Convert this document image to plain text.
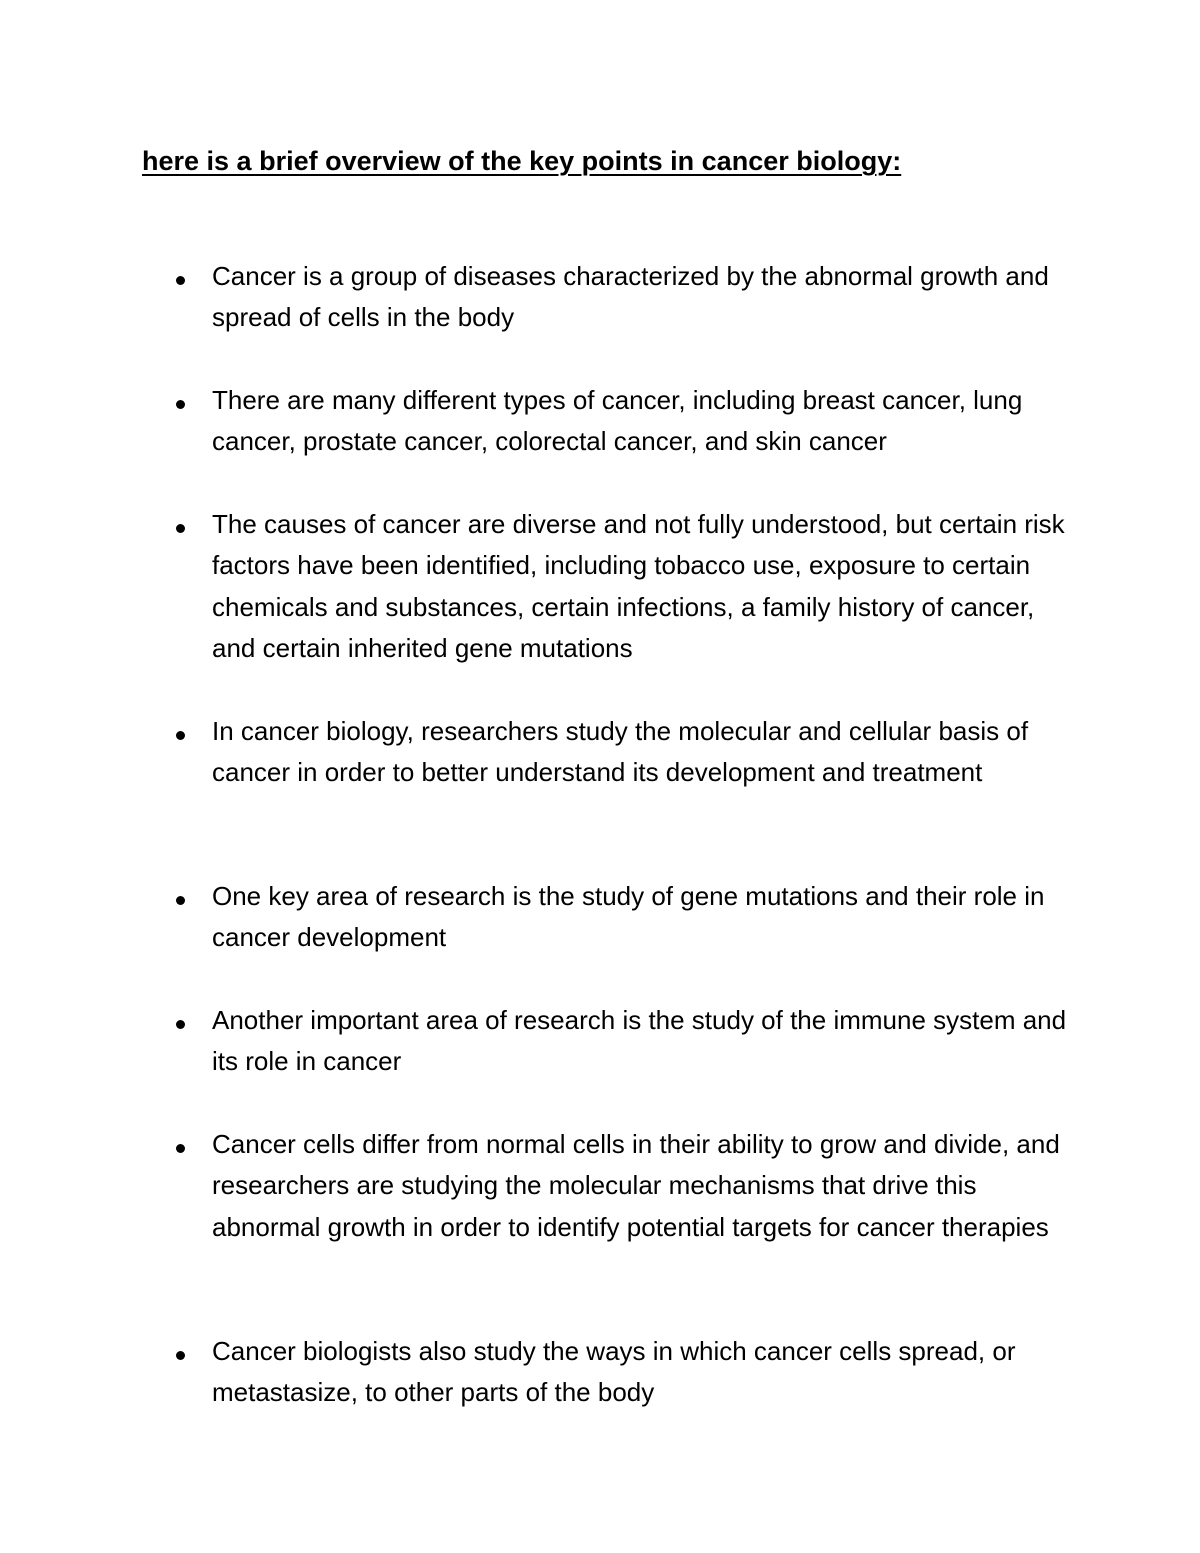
here is a brief overview of the key points in cancer biology:
Cancer is a group of diseases characterized by the abnormal growth and spread of cells in the body
There are many different types of cancer, including breast cancer, lung cancer, prostate cancer, colorectal cancer, and skin cancer
The causes of cancer are diverse and not fully understood, but certain risk factors have been identified, including tobacco use, exposure to certain chemicals and substances, certain infections, a family history of cancer, and certain inherited gene mutations
In cancer biology, researchers study the molecular and cellular basis of cancer in order to better understand its development and treatment
One key area of research is the study of gene mutations and their role in cancer development
Another important area of research is the study of the immune system and its role in cancer
Cancer cells differ from normal cells in their ability to grow and divide, and researchers are studying the molecular mechanisms that drive this abnormal growth in order to identify potential targets for cancer therapies
Cancer biologists also study the ways in which cancer cells spread, or metastasize, to other parts of the body
